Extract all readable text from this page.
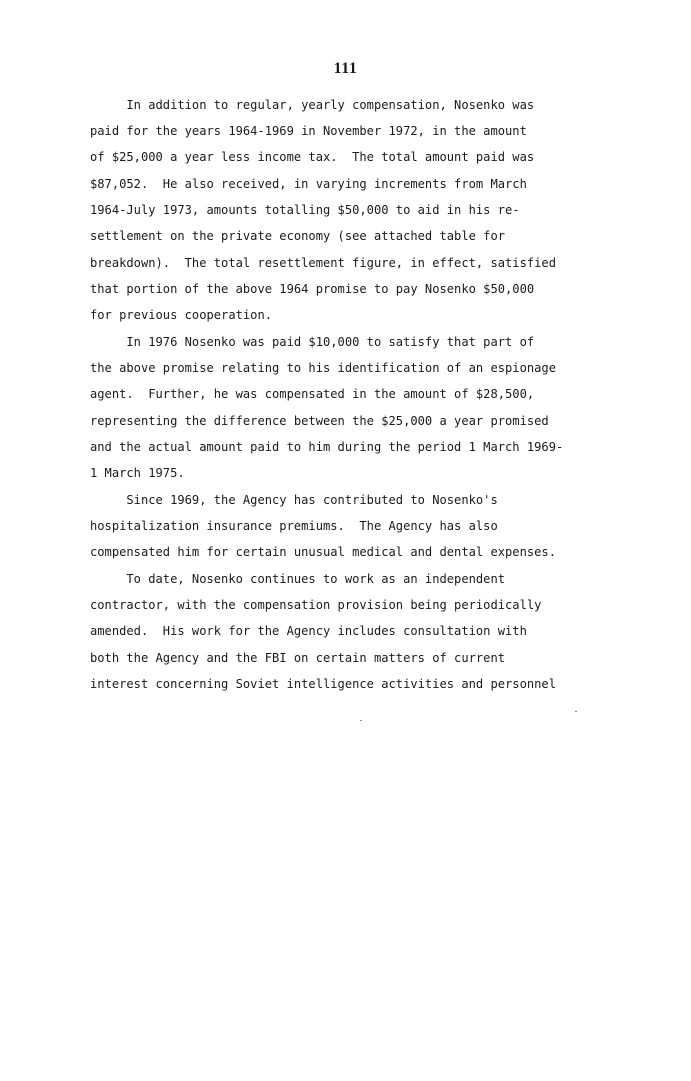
111
In addition to regular, yearly compensation, Nosenko was
paid for the years 1964-1969 in November 1972, in the amount
of $25,000 a year less income tax.  The total amount paid was
$87,052.  He also received, in varying increments from March
1964-July 1973, amounts totalling $50,000 to aid in his re-
settlement on the private economy (see attached table for
breakdown).  The total resettlement figure, in effect, satisfied
that portion of the above 1964 promise to pay Nosenko $50,000
for previous cooperation.
In 1976 Nosenko was paid $10,000 to satisfy that part of
the above promise relating to his identification of an espionage
agent.  Further, he was compensated in the amount of $28,500,
representing the difference between the $25,000 a year promised
and the actual amount paid to him during the period 1 March 1969-
1 March 1975.
Since 1969, the Agency has contributed to Nosenko's
hospitalization insurance premiums.  The Agency has also
compensated him for certain unusual medical and dental expenses.
To date, Nosenko continues to work as an independent
contractor, with the compensation provision being periodically
amended.  His work for the Agency includes consultation with
both the Agency and the FBI on certain matters of current
interest concerning Soviet intelligence activities and personnel
